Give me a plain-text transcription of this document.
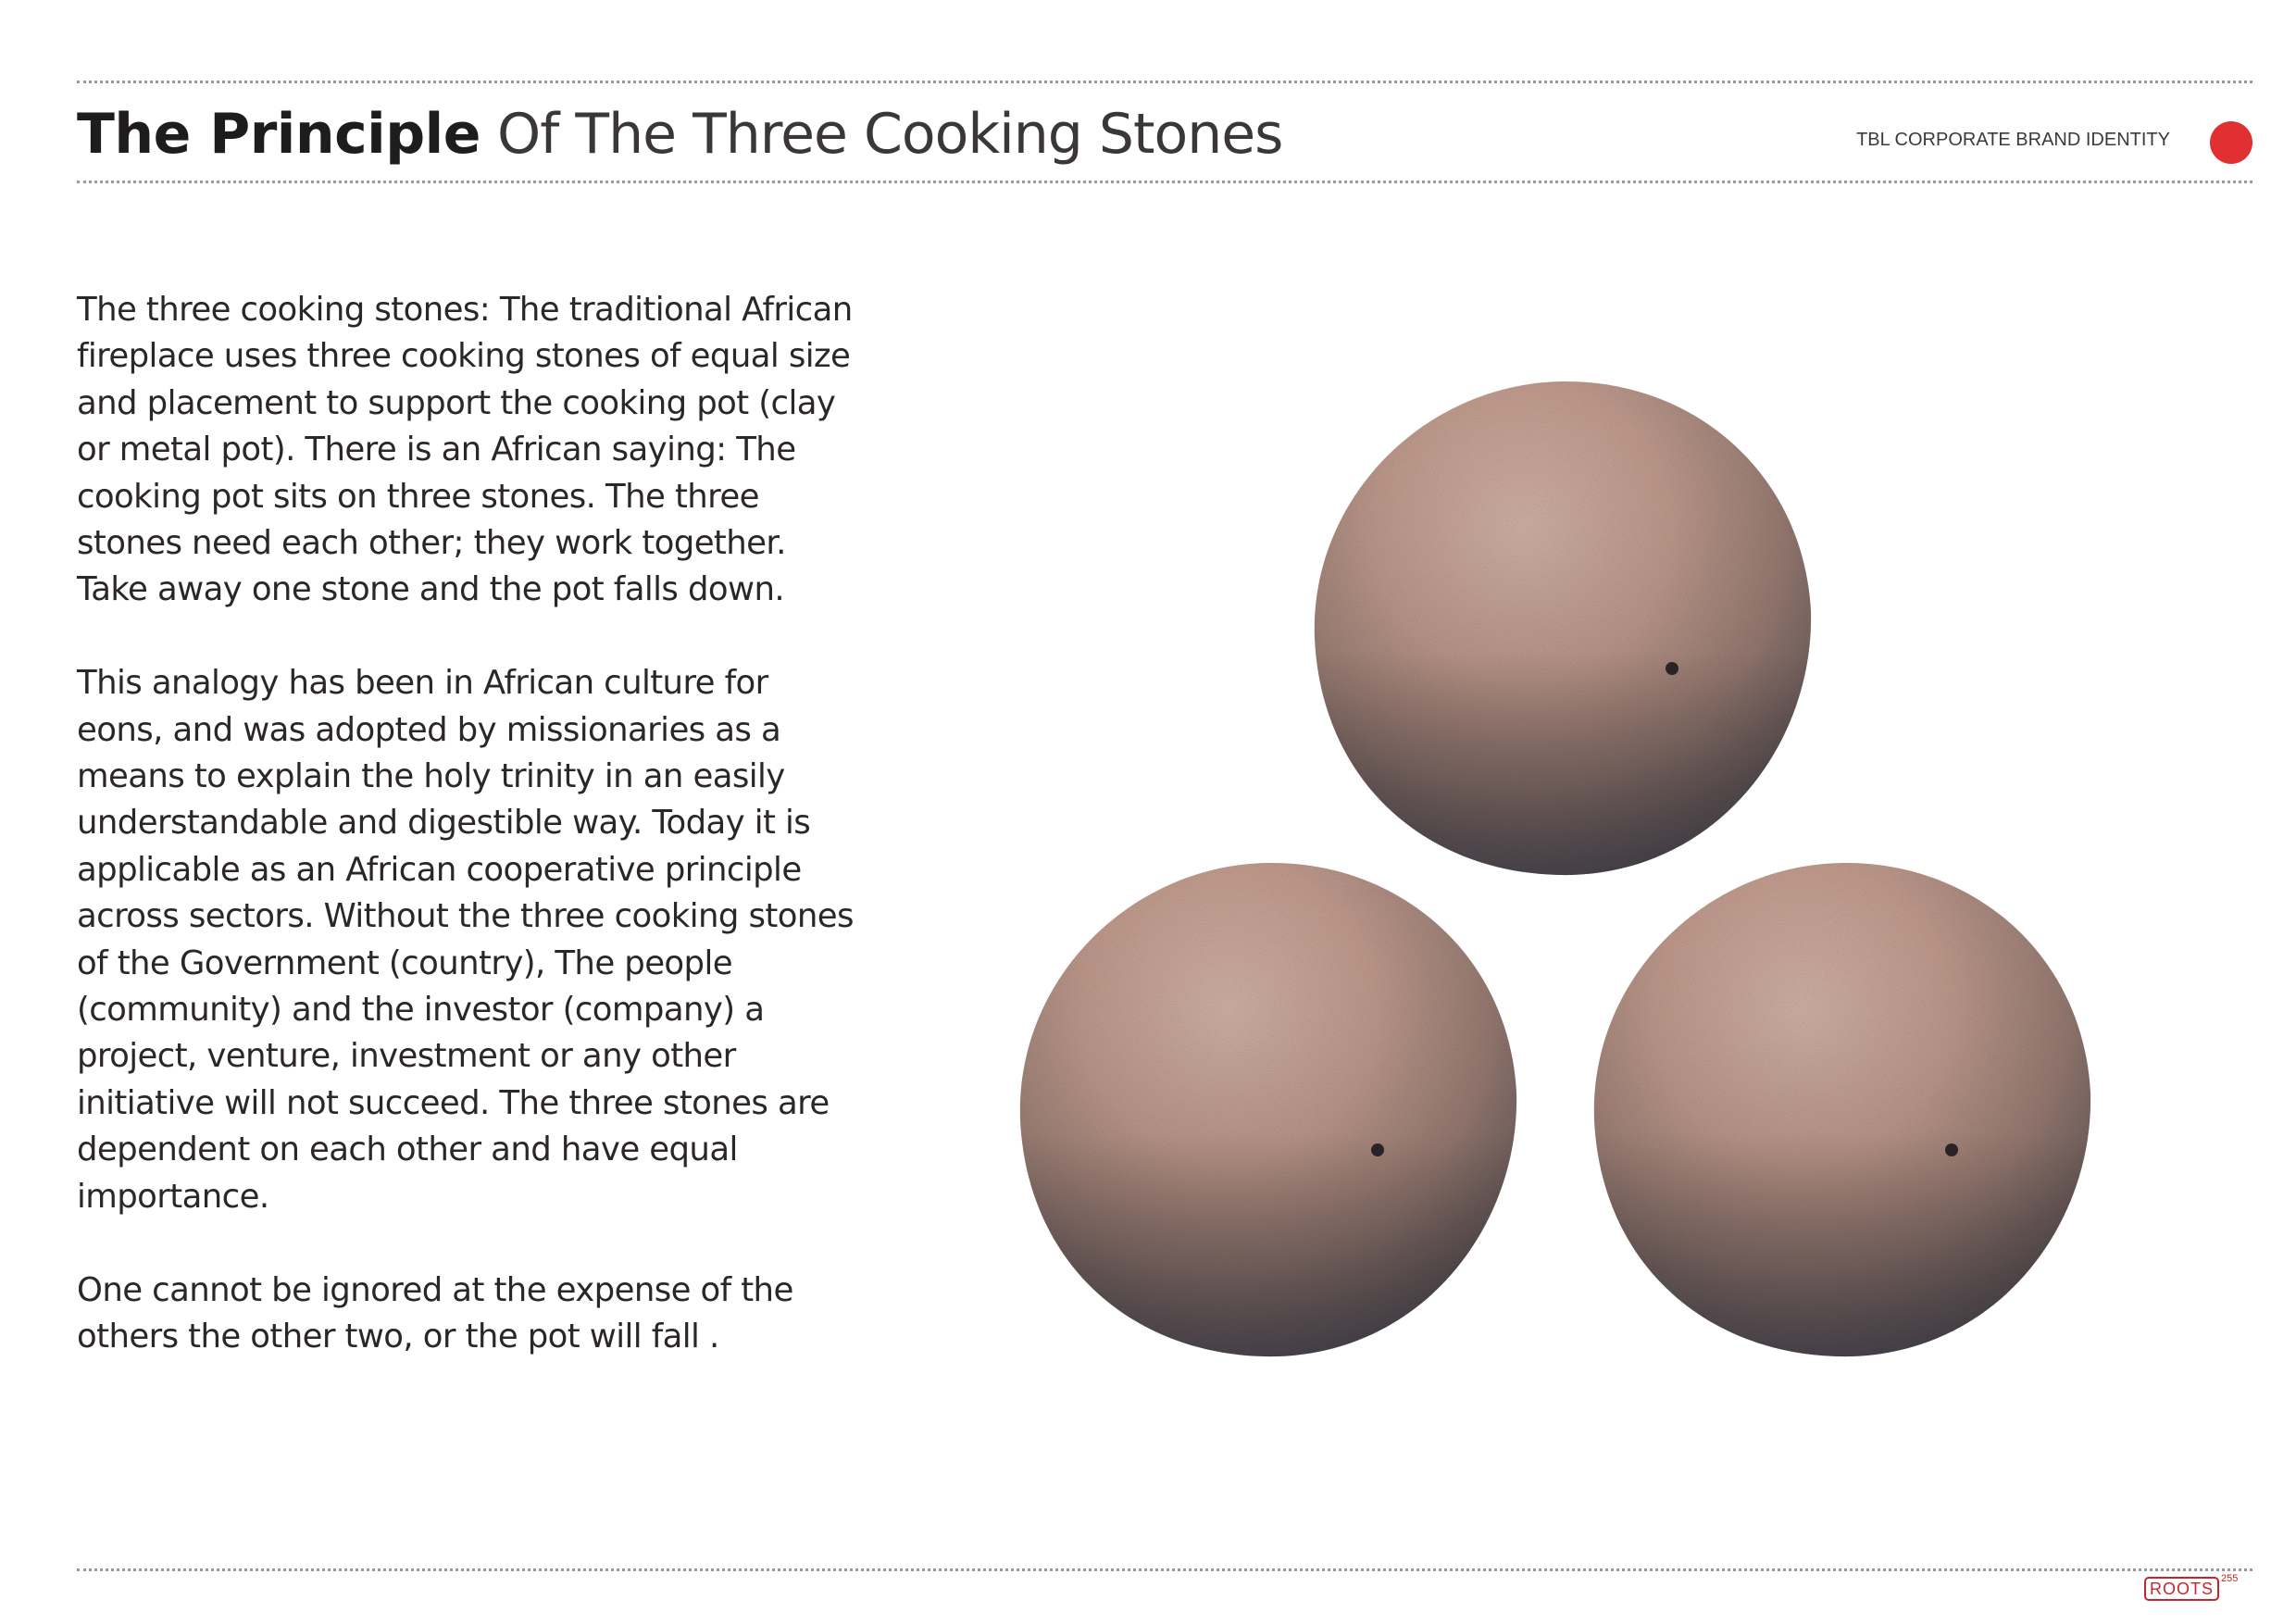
The Principle Of The Three Cooking Stones	TBL CORPORATE BRAND IDENTITY

The three cooking stones: The traditional African fireplace uses three cooking stones of equal size and placement to support the cooking pot (clay or metal pot). There is an African saying: The cooking pot sits on three stones. The three stones need each other; they work together. Take away one stone and the pot falls down.

This analogy has been in African culture for eons, and was adopted by missionaries as a means to explain the holy trinity in an easily understandable and digestible way. Today it is applicable as an African cooperative principle across sectors. Without the three cooking stones of the Government (country), The people (community) and the investor (company) a project, venture, investment or any other initiative will not succeed. The three stones are dependent on each other and have equal importance.

One cannot be ignored at the expense of the others the other two, or the pot will fall .

ROOTS
255
